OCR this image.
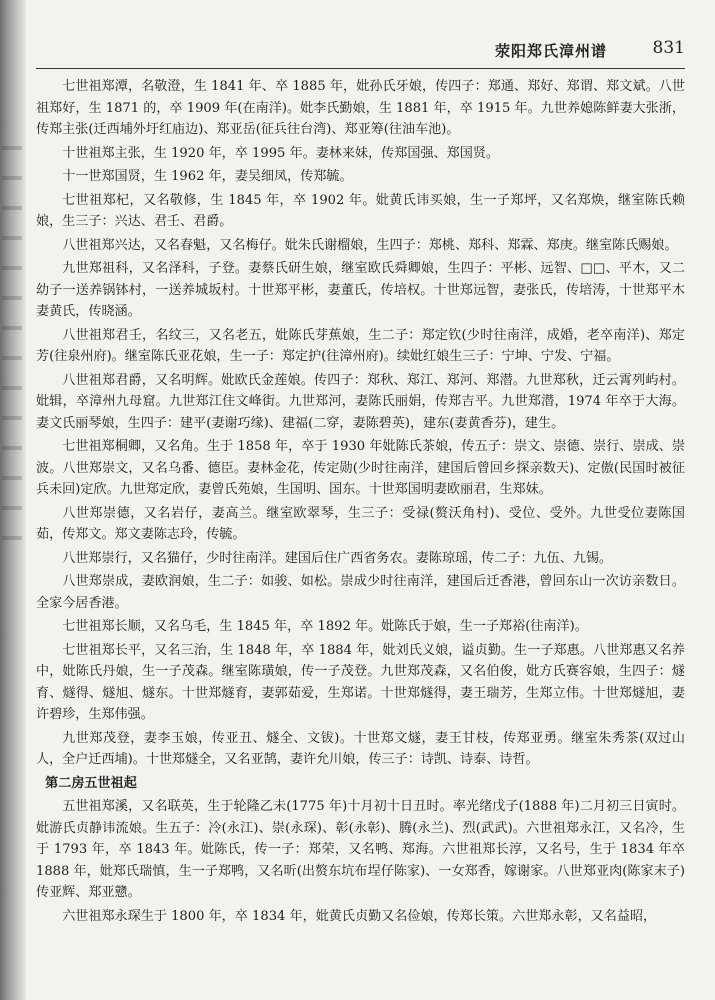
荥阳郑氏漳州谱	831

七世祖郑潭，名敬澄，生 1841 年、卒 1885 年，妣孙氏牙娘，传四子：郑通、郑好、郑谓、郑文斌。八世祖郑好，生 1871 的，卒 1909 年(在南洋)。妣李氏勤娘，生 1881 年，卒 1915 年。九世养媳陈鲜妻大张浙，传郑主张(迁西埔外圩红庙边)、郑亚岳(征兵往台湾)、郑亚筹(往油车池)。

十世祖郑主张，生 1920 年，卒 1995 年。妻林来妹，传郑国强、郑国贤。

十一世郑国贤，生 1962 年，妻吴细凤，传郑毓。

七世祖郑杞，又名敬修，生 1845 年，卒 1902 年。妣黄氏讳买娘，生一子郑坪，又名郑焕，继室陈氏赖娘，生三子：兴达、君壬、君爵。

八世祖郑兴达，又名春魁，又名梅仔。妣朱氏谢榴娘，生四子：郑桃、郑科、郑霖、郑庚。继室陈氏赐娘。

九世郑祖科，又名泽科，子登。妻蔡氏研生娘，继室欧氏舜卿娘，生四子：平彬、远智、□□、平木，又二幼子一送养锅钵村，一送养城坂村。十世郑平彬，妻董氏，传培权。十世郑远智，妻张氏，传培涛，十世郑平木妻黄氏，传晓涵。

八世祖郑君壬，名纹三，又名老五，妣陈氏芽蕉娘，生二子：郑定钦(少时往南洋，成婚，老卒南洋)、郑定芳(往泉州府)。继室陈氏亚花娘，生一子：郑定护(往漳州府)。续妣红娘生三子：宁坤、宁发、宁福。

八世祖郑君爵，又名明辉。妣欧氏金莲娘。传四子：郑秋、郑江、郑河、郑潜。九世郑秋，迁云霄列屿村。妣辑，卒漳州九母窟。九世郑江住文峰街。九世郑河，妻陈氏丽娟，传郑吉平。九世郑潜，1974 年卒于大海。妻文氏丽琴娘，生四子：建平(妻谢巧缘)、建福(二穿，妻陈碧英)，建东(妻黄香芬)，建生。

七世祖郑桐卿，又名角。生于 1858 年，卒于 1930 年妣陈氏茶娘，传五子：崇文、崇德、崇行、崇成、崇波。八世郑崇文，又名乌番、德臣。妻林金花，传定勋(少时往南洋，建国后曾回乡探亲数天)、定傲(民国时被征兵未回)定欣。九世郑定欣，妻曾氏苑娘，生国明、国东。十世郑国明妻欧丽君，生郑妹。

八世郑崇德，又名岩仔，妻高兰。继室欧翠琴，生三子：受禄(赘沃角村)、受位、受外。九世受位妻陈国茹，传郑文。郑文妻陈志玲，传毓。

八世郑崇行，又名猫仔，少时往南洋。建国后住广西省务农。妻陈琼瑶，传二子：九伍、九锡。

八世郑崇成，妻欧润娘，生二子：如骏、如松。崇成少时往南洋，建国后迁香港，曾回东山一次访亲数日。全家今居香港。

七世祖郑长顺，又名乌毛，生 1845 年，卒 1892 年。妣陈氏于娘，生一子郑裕(往南洋)。

七世祖郑长平，又名三治，生 1848 年，卒 1884 年，妣刘氏义娘，谥贞勤。生一子郑惠。八世郑惠又名养中，妣陈氏丹娘，生一子茂森。继室陈璜娘，传一子茂登。九世郑茂森，又名伯俊，妣方氏赛容娘，生四子：燧育、燧得、燧旭、燧东。十世郑燧育，妻郭茹爱，生郑诺。十世郑燧得，妻王瑞芳，生郑立伟。十世郑燧旭，妻许碧珍，生郑伟强。

九世郑茂登，妻李玉娘，传亚丑、燧全、文钹)。十世郑文燧，妻王甘枝，传郑亚勇。继室朱秀茶(双过山人，全户迁西埔)。十世郑燧全，又名亚鹄，妻许允川娘，传三子：诗凯、诗泰、诗哲。

第二房五世祖起

五世祖郑溪，又名联英，生于轮隆乙未(1775 年)十月初十日丑时。率光绪戊子(1888 年)二月初三日寅时。妣游氏贞静讳流娘。生五子：冷(永江)、崇(永琛)、彰(永彰)、腾(永兰)、烈(武武)。六世祖郑永江，又名冷，生于 1793 年，卒 1843 年。妣陈氏，传一子：郑荣，又名鸭、郑海。六世祖郑长淳，又名号，生于 1834 年卒 1888 年，妣郑氏瑞慎，生一子郑鸭，又名昕(出赘东坑布埕仔陈家)、一女郑香，嫁谢家。八世郑亚肉(陈家末子)传亚辉、郑亚戆。

六世祖郑永琛生于 1800 年，卒 1834 年，妣黄氏贞勤又名俭娘，传郑长策。六世郑永彰，又名益昭，
